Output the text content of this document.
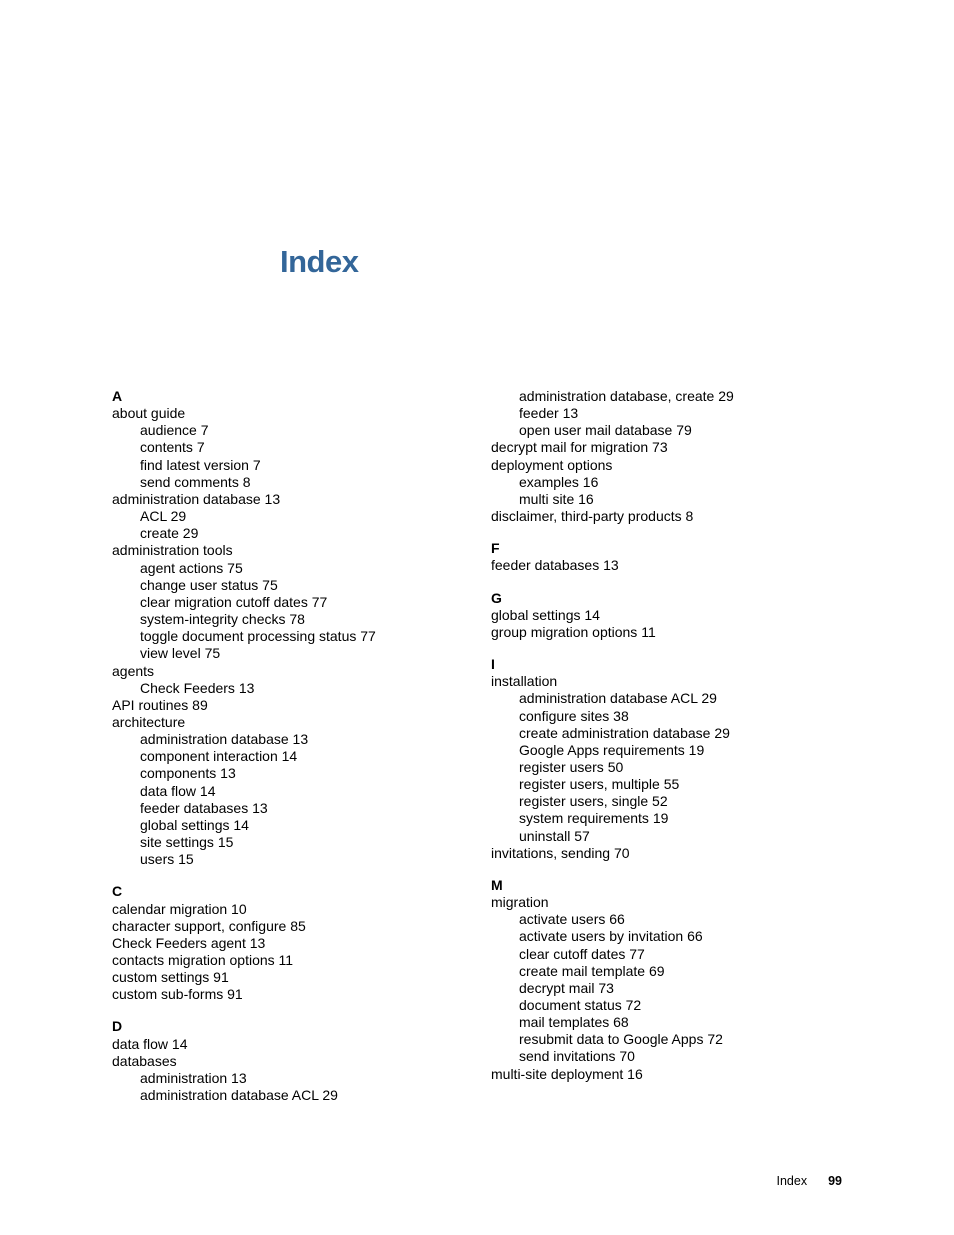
Index
A
about guide
audience 7
contents 7
find latest version 7
send comments 8
administration database 13
ACL 29
create 29
administration tools
agent actions 75
change user status 75
clear migration cutoff dates 77
system-integrity checks 78
toggle document processing status 77
view level 75
agents
Check Feeders 13
API routines 89
architecture
administration database 13
component interaction 14
components 13
data flow 14
feeder databases 13
global settings 14
site settings 15
users 15
C
calendar migration 10
character support, configure 85
Check Feeders agent 13
contacts migration options 11
custom settings 91
custom sub-forms 91
D
data flow 14
databases
administration 13
administration database ACL 29
administration database, create 29
feeder 13
open user mail database 79
decrypt mail for migration 73
deployment options
examples 16
multi site 16
disclaimer, third-party products 8
F
feeder databases 13
G
global settings 14
group migration options 11
I
installation
administration database ACL 29
configure sites 38
create administration database 29
Google Apps requirements 19
register users 50
register users, multiple 55
register users, single 52
system requirements 19
uninstall 57
invitations, sending 70
M
migration
activate users 66
activate users by invitation 66
clear cutoff dates 77
create mail template 69
decrypt mail 73
document status 72
mail templates 68
resubmit data to Google Apps 72
send invitations 70
multi-site deployment 16
Index 99
